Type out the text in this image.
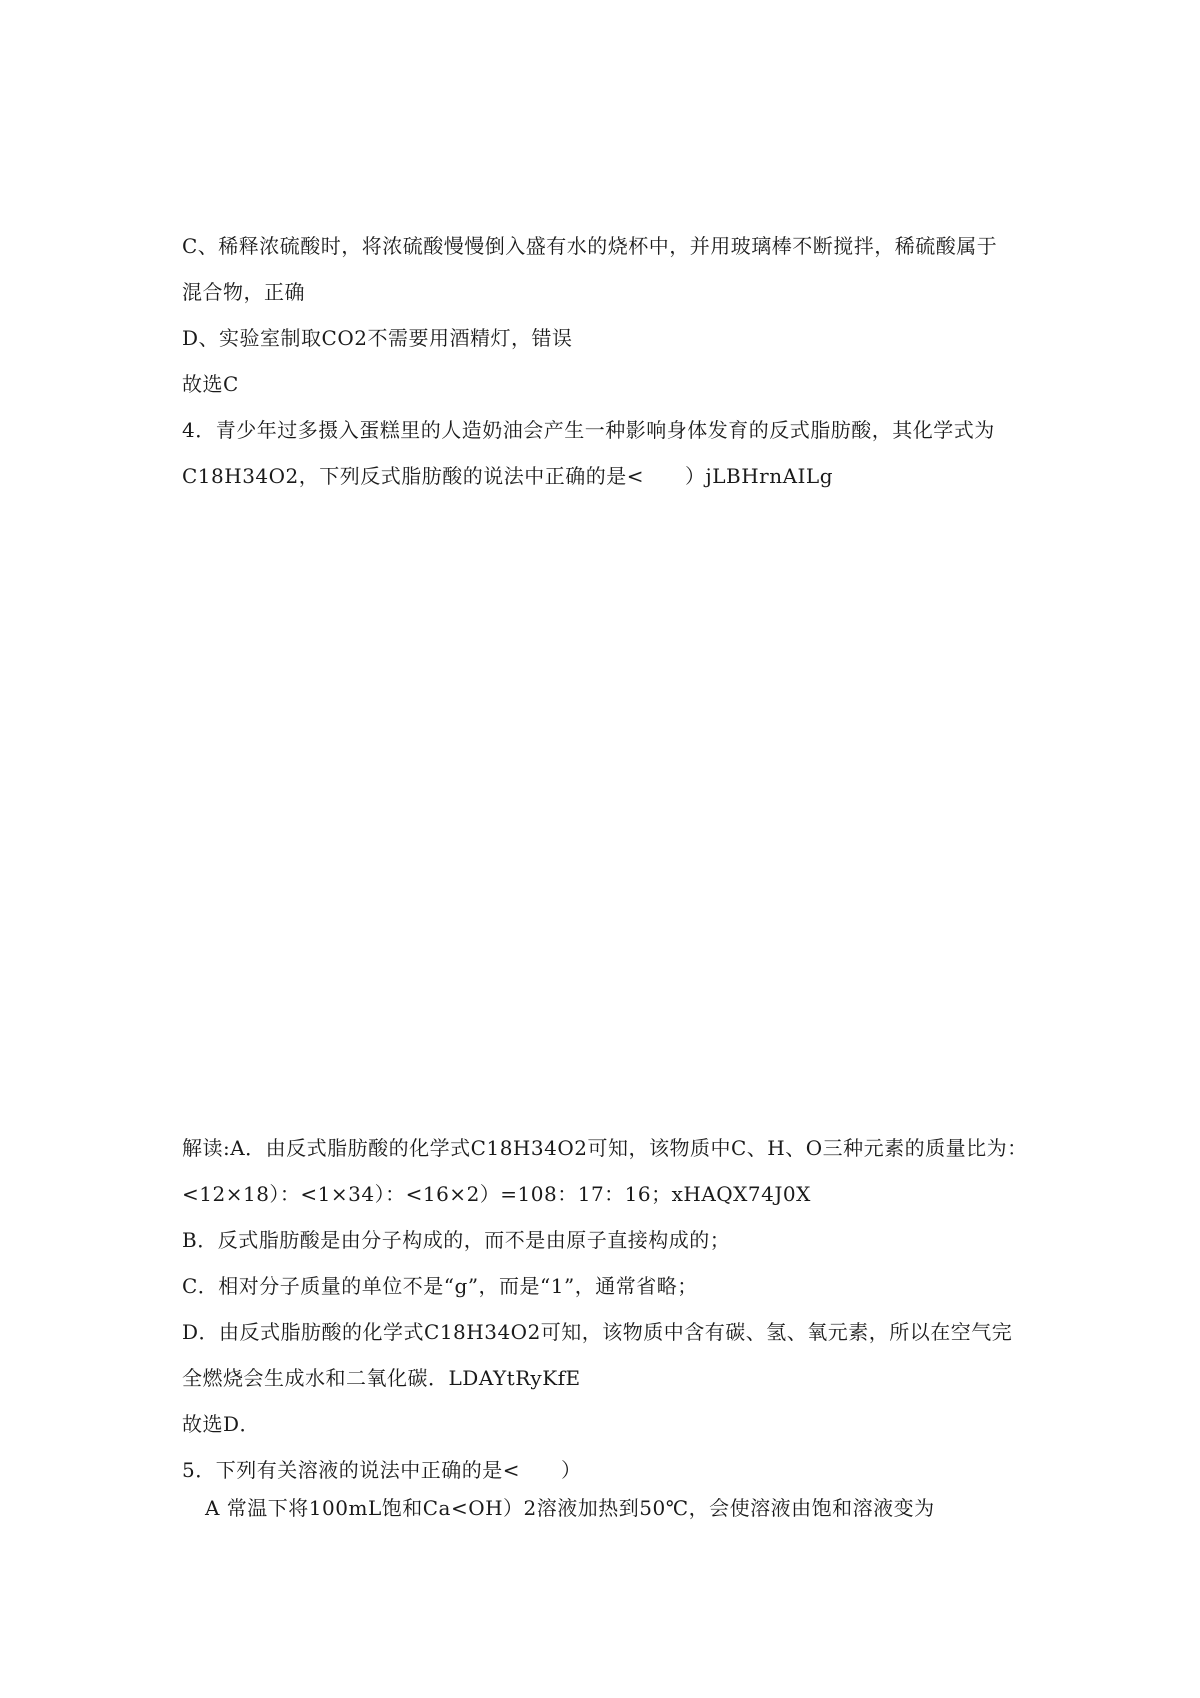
C、稀释浓硫酸时，将浓硫酸慢慢倒入盛有水的烧杯中，并用玻璃棒不断搅拌，稀硫酸属于

混合物，正确

D、实验室制取CO2不需要用酒精灯，错误

故选C

4．青少年过多摄入蛋糕里的人造奶油会产生一种影响身体发育的反式脂肪酸，其化学式为

C18H34O2，下列反式脂肪酸的说法中正确的是<　　）jLBHrnAILg

解读:A．由反式脂肪酸的化学式C18H34O2可知，该物质中C、H、O三种元素的质量比为：

<12×18）：<1×34）：<16×2）=108：17：16；xHAQX74J0X

B．反式脂肪酸是由分子构成的，而不是由原子直接构成的；

C．相对分子质量的单位不是“g”，而是“1”，通常省略；

D．由反式脂肪酸的化学式C18H34O2可知，该物质中含有碳、氢、氧元素，所以在空气完

全燃烧会生成水和二氧化碳．LDAYtRyKfE

故选D．

5．下列有关溶液的说法中正确的是<　　）

A 常温下将100mL饱和Ca<OH）2溶液加热到50℃，会使溶液由饱和溶液变为
